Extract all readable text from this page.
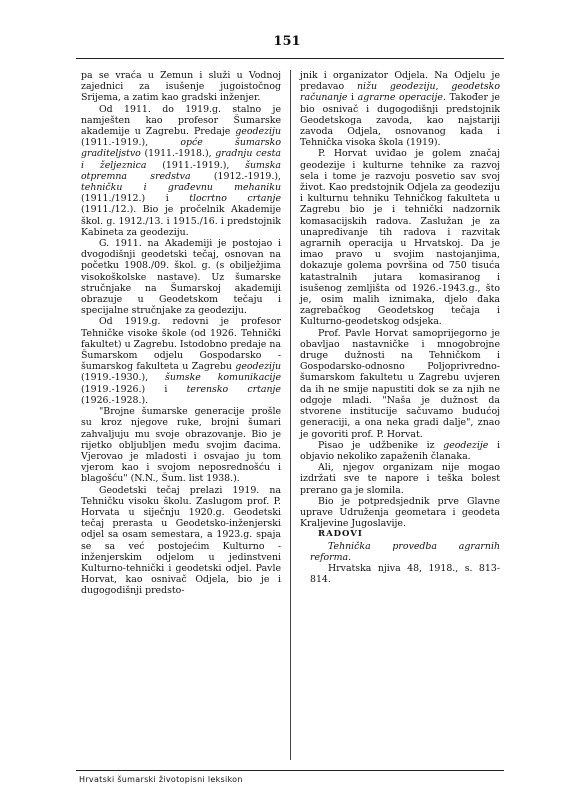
151

pa se vraća u Zemun i služi u Vodnoj zajednici za isušenje jugoistočnog Srijema, a zatim kao gradski inženjer.

Od 1911. do 1919.g. stalno je namješten kao profesor Šumarske akademije u Zagrebu. Predaje geodeziju (1911.-1919.), opće šumarsko graditeljstvo (1911.-1918.), gradnju cesta i željeznica (1911.-1919.), šumska otpremna sredstva (1912.-1919.), tehničku i građevnu mehaniku (1911./1912.) i tlocrtno crtanje (1911./12.). Bio je pročelnik Akademije škol. g. 1912./13. i 1915./16. i predstojnik Kabineta za geodeziju.

G. 1911. na Akademiji je postojao i dvogodišnji geodetski tečaj, osnovan na početku 1908./09. škol. g. (s obilježjima visokoškolske nastave). Uz šumarske stručnjake na Šumarskoj akademiji obrazuje u Geodetskom tečaju i specijalne stručnjake za geodeziju.

Od 1919.g. redovni je profesor Tehničke visoke škole (od 1926. Tehnički fakultet) u Zagrebu. Istodobno predaje na Šumarskom odjelu Gospodarsko - šumarskog fakulteta u Zagrebu geodeziju (1919.-1930.), šumske komunikacije (1919.-1926.) i terensko crtanje (1926.-1928.).

"Brojne šumarske generacije prošle su kroz njegove ruke, brojni šumari zahvaljuju mu svoje obrazovanje. Bio je rijetko obljubljen među svojim đacima. Vjerovao je mladosti i osvajao ju tom vjerom kao i svojom neposrednošću i blagošću" (N.N., Šum. list 1938.).

Geodetski tečaj prelazi 1919. na Tehničku visoku školu. Zaslugom prof. P. Horvata u siječnju 1920.g. Geodetski tečaj prerasta u Geodetsko-inženjerski odjel sa osam semestara, a 1923.g. spaja se sa već postojećim Kulturno - inženjerskim odjelom u jedinstveni Kulturno-tehnički i geodetski odjel. Pavle Horvat, kao osnivač Odjela, bio je i dugogodišnji predsto-

jnik i organizator Odjela. Na Odjelu je predavao nižu geodeziju, geodetsko računanje i agrarne operacije. Također je bio osnivač i dugogodišnji predstojnik Geodetskoga zavoda, kao najstariji zavoda Odjela, osnovanog kada i Tehnička visoka škola (1919).

P. Horvat uviđao je golem značaj geodezije i kulturne tehnike za razvoj sela i tome je razvoju posvetio sav svoj život. Kao predstojnik Odjela za geodeziju i kulturnu tehniku Tehničkog fakulteta u Zagrebu bio je i tehnički nadzornik komasacijskih radova. Zaslužan je za unapređivanje tih radova i razvitak agrarnih operacija u Hrvatskoj. Da je imao pravo u svojim nastojanjima, dokazuje golema površina od 750 tisuća katastralnih jutara komasiranog i isušenog zemljišta od 1926.-1943.g., što je, osim malih iznimaka, djelo đaka zagrebačkog Geodetskog tečaja i Kulturno-geodetskog odsjeka.

Prof. Pavle Horvat samoprijegorno je obavljao nastavničke i mnogobrojne druge dužnosti na Tehničkom i Gospodarsko-odnosno Poljoprivredno-šumarskom fakultetu u Zagrebu uvjeren da ih ne smije napustiti dok se za njih ne odgoje mladi. "Naša je dužnost da stvorene institucije sačuvamo budućoj generaciji, a ona neka gradi dalje", znao je govoriti prof. P. Horvat.

Pisao je udžbenike iz geodezije i objavio nekoliko zapaženih članaka.

Ali, njegov organizam nije mogao izdržati sve te napore i teška bolest prerano ga je slomila.

Bio je potpredsjednik prve Glavne uprave Udruženja geometara i geodeta Kraljevine Jugoslavije.

RADOVI

Tehnička provedba agrarnih reforma.

Hrvatska njiva 48, 1918., s. 813-814.

Hrvatski šumarski životopisni leksikon
